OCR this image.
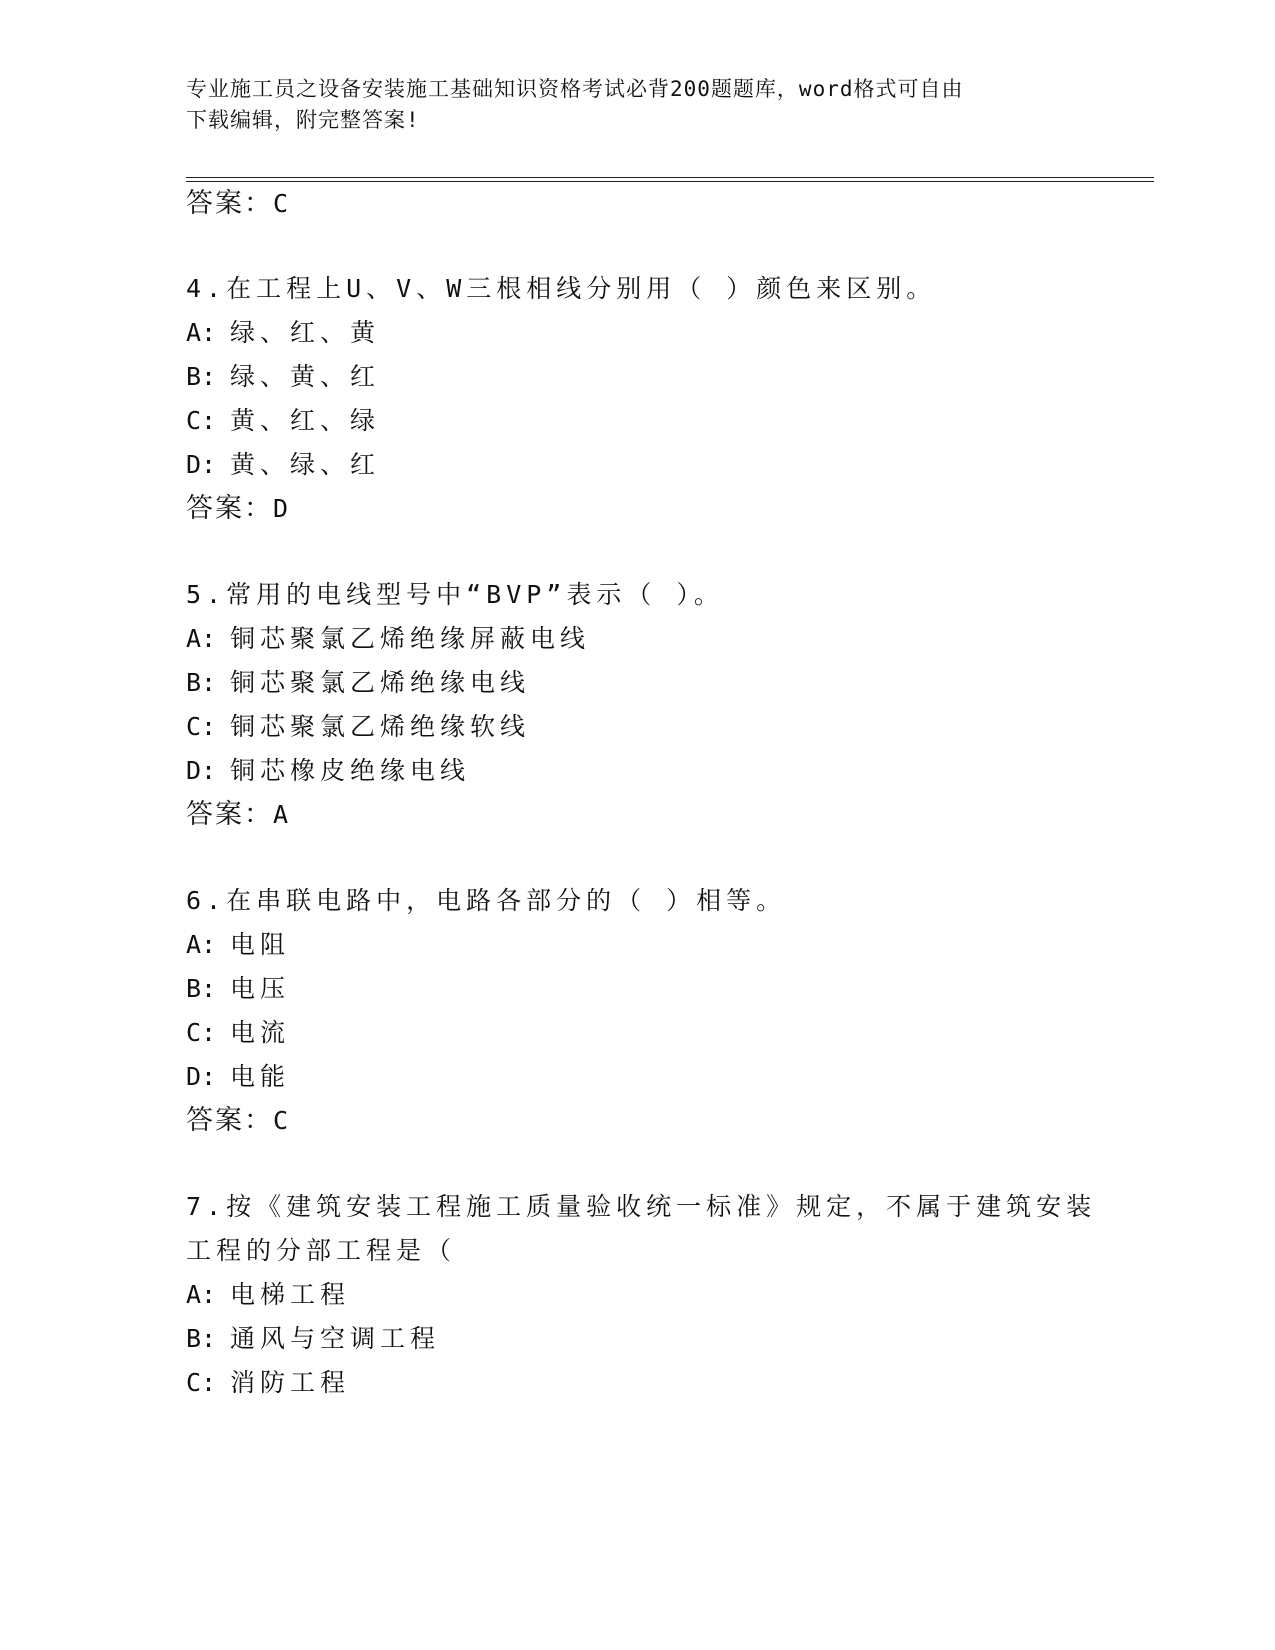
专业施工员之设备安装施工基础知识资格考试必背200题题库，word格式可自由
下载编辑，附完整答案!
答案：C
4.在工程上U、V、W三根相线分别用（ ）颜色来区别。
A: 绿、红、黄
B: 绿、黄、红
C: 黄、红、绿
D: 黄、绿、红
答案：D
5.常用的电线型号中“BVP”表示（ ）。
A: 铜芯聚氯乙烯绝缘屏蔽电线
B: 铜芯聚氯乙烯绝缘电线
C: 铜芯聚氯乙烯绝缘软线
D: 铜芯橡皮绝缘电线
答案：A
6.在串联电路中，电路各部分的（ ）相等。
A: 电阻
B: 电压
C: 电流
D: 电能
答案：C
7.按《建筑安装工程施工质量验收统一标准》规定，不属于建筑安装
工程的分部工程是（
A: 电梯工程
B: 通风与空调工程
C: 消防工程
